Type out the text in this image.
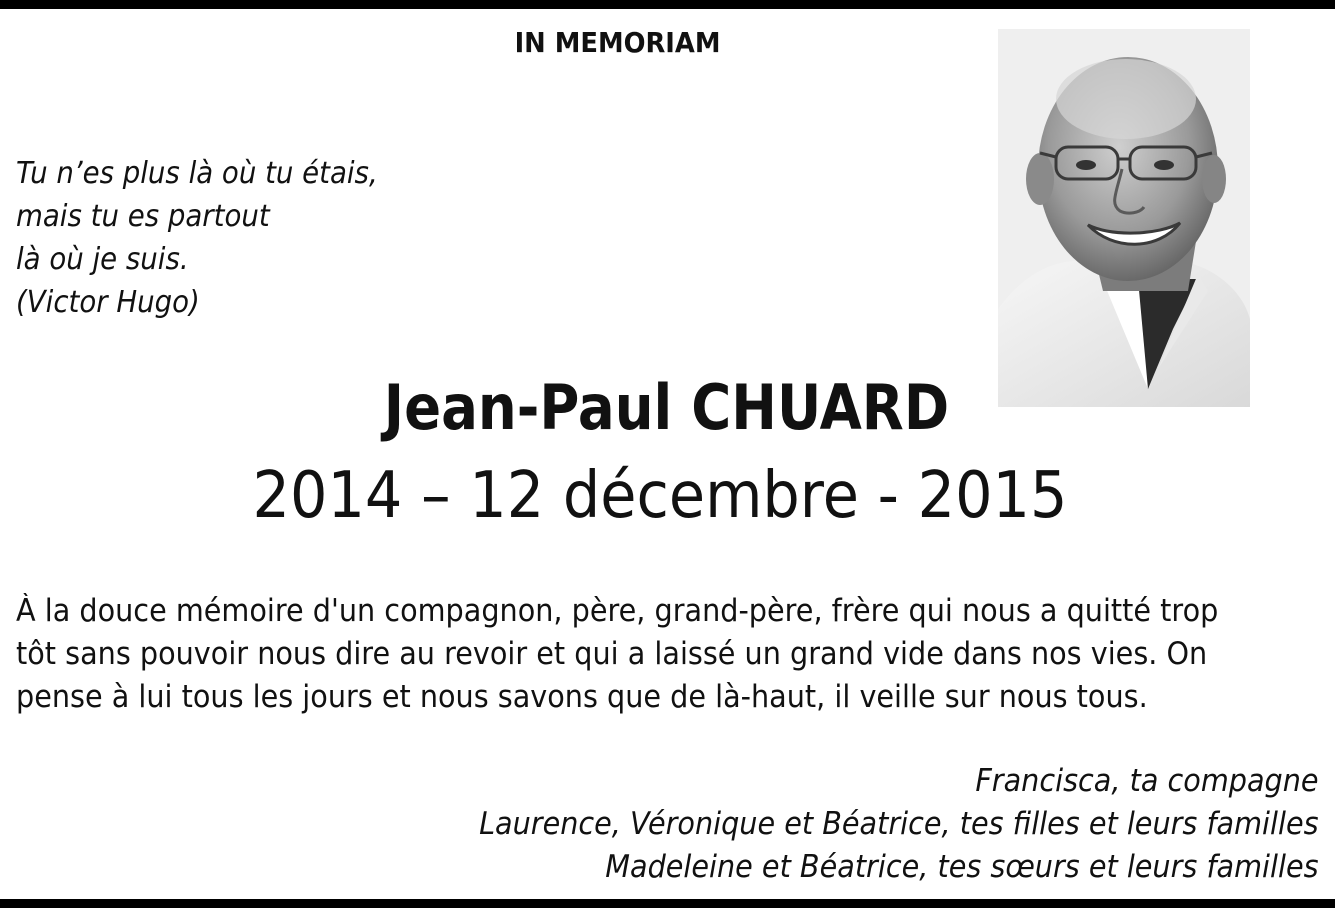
IN MEMORIAM
Tu n’es plus là où tu étais,
mais tu es partout
là où je suis.
(Victor Hugo)
Jean-Paul CHUARD
2014 – 12 décembre - 2015
À la douce mémoire d'un compagnon, père, grand-père, frère qui nous a quitté trop
tôt sans pouvoir nous dire au revoir et qui a laissé un grand vide dans nos vies. On
pense à lui tous les jours et nous savons que de là-haut, il veille sur nous tous.
Francisca, ta compagne
Laurence, Véronique et Béatrice, tes filles et leurs familles
Madeleine et Béatrice, tes sœurs et leurs familles
